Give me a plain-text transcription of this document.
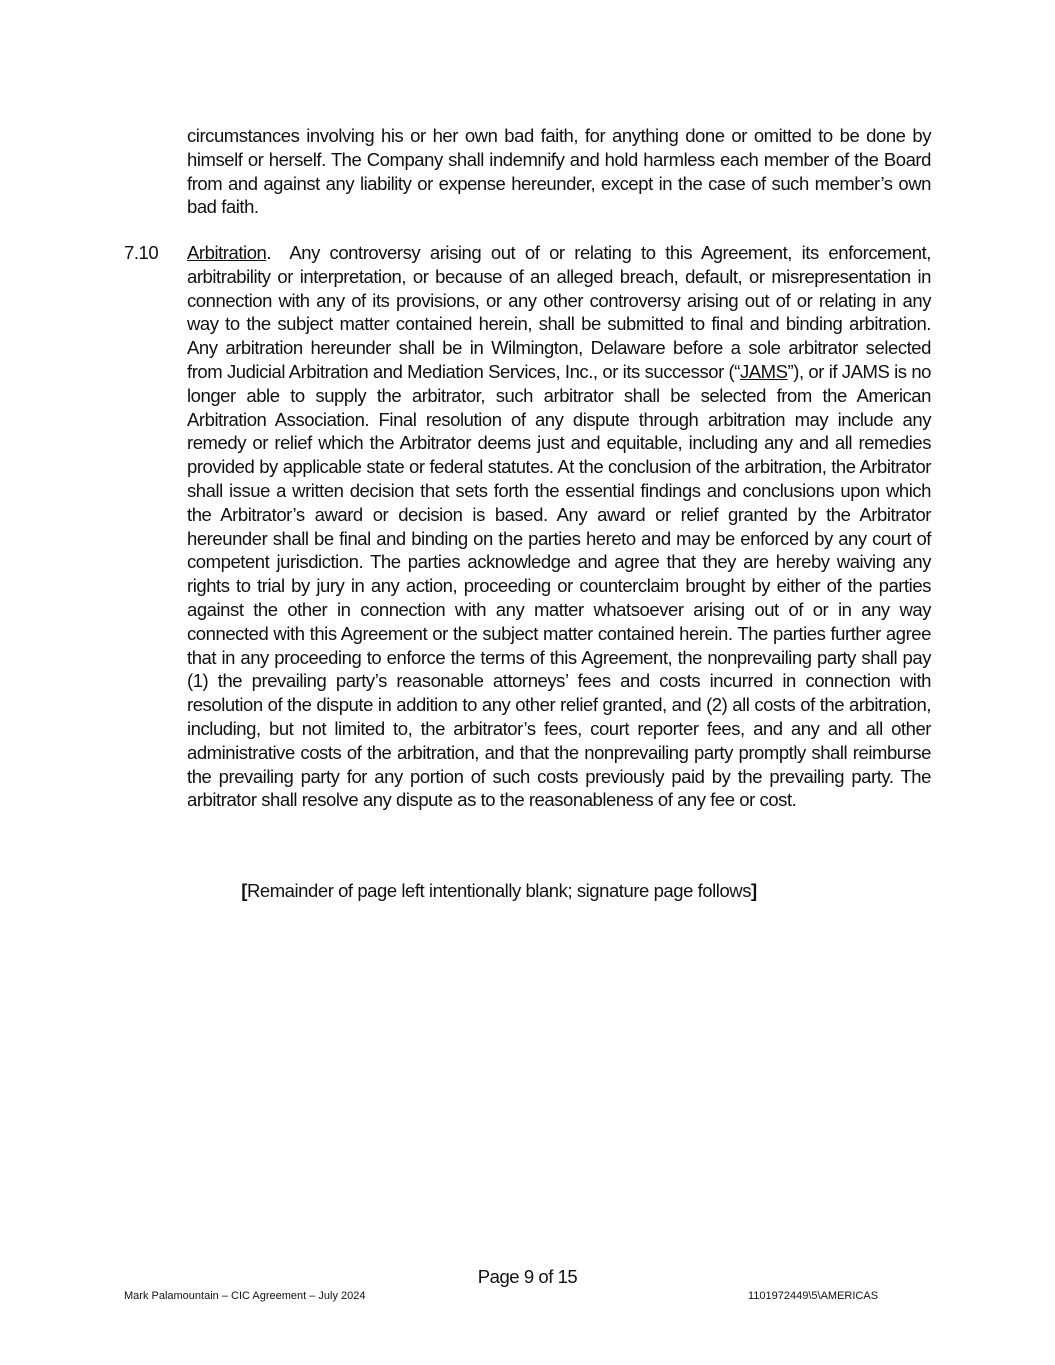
circumstances involving his or her own bad faith, for anything done or omitted to be done by himself or herself. The Company shall indemnify and hold harmless each member of the Board from and against any liability or expense hereunder, except in the case of such member’s own bad faith.

7.10 Arbitration.  Any controversy arising out of or relating to this Agreement, its enforcement, arbitrability or interpretation, or because of an alleged breach, default, or misrepresentation in connection with any of its provisions, or any other controversy arising out of or relating in any way to the subject matter contained herein, shall be submitted to final and binding arbitration. Any arbitration hereunder shall be in Wilmington, Delaware before a sole arbitrator selected from Judicial Arbitration and Mediation Services, Inc., or its successor (“JAMS”), or if JAMS is no longer able to supply the arbitrator, such arbitrator shall be selected from the American Arbitration Association. Final resolution of any dispute through arbitration may include any remedy or relief which the Arbitrator deems just and equitable, including any and all remedies provided by applicable state or federal statutes. At the conclusion of the arbitration, the Arbitrator shall issue a written decision that sets forth the essential findings and conclusions upon which the Arbitrator’s award or decision is based. Any award or relief granted by the Arbitrator hereunder shall be final and binding on the parties hereto and may be enforced by any court of competent jurisdiction. The parties acknowledge and agree that they are hereby waiving any rights to trial by jury in any action, proceeding or counterclaim brought by either of the parties against the other in connection with any matter whatsoever arising out of or in any way connected with this Agreement or the subject matter contained herein. The parties further agree that in any proceeding to enforce the terms of this Agreement, the nonprevailing party shall pay (1) the prevailing party’s reasonable attorneys’ fees and costs incurred in connection with resolution of the dispute in addition to any other relief granted, and (2) all costs of the arbitration, including, but not limited to, the arbitrator’s fees, court reporter fees, and any and all other administrative costs of the arbitration, and that the nonprevailing party promptly shall reimburse the prevailing party for any portion of such costs previously paid by the prevailing party. The arbitrator shall resolve any dispute as to the reasonableness of any fee or cost.

[Remainder of page left intentionally blank; signature page follows]
Page 9 of 15
Mark Palamountain – CIC Agreement – July 2024	1101972449\5\AMERICAS
